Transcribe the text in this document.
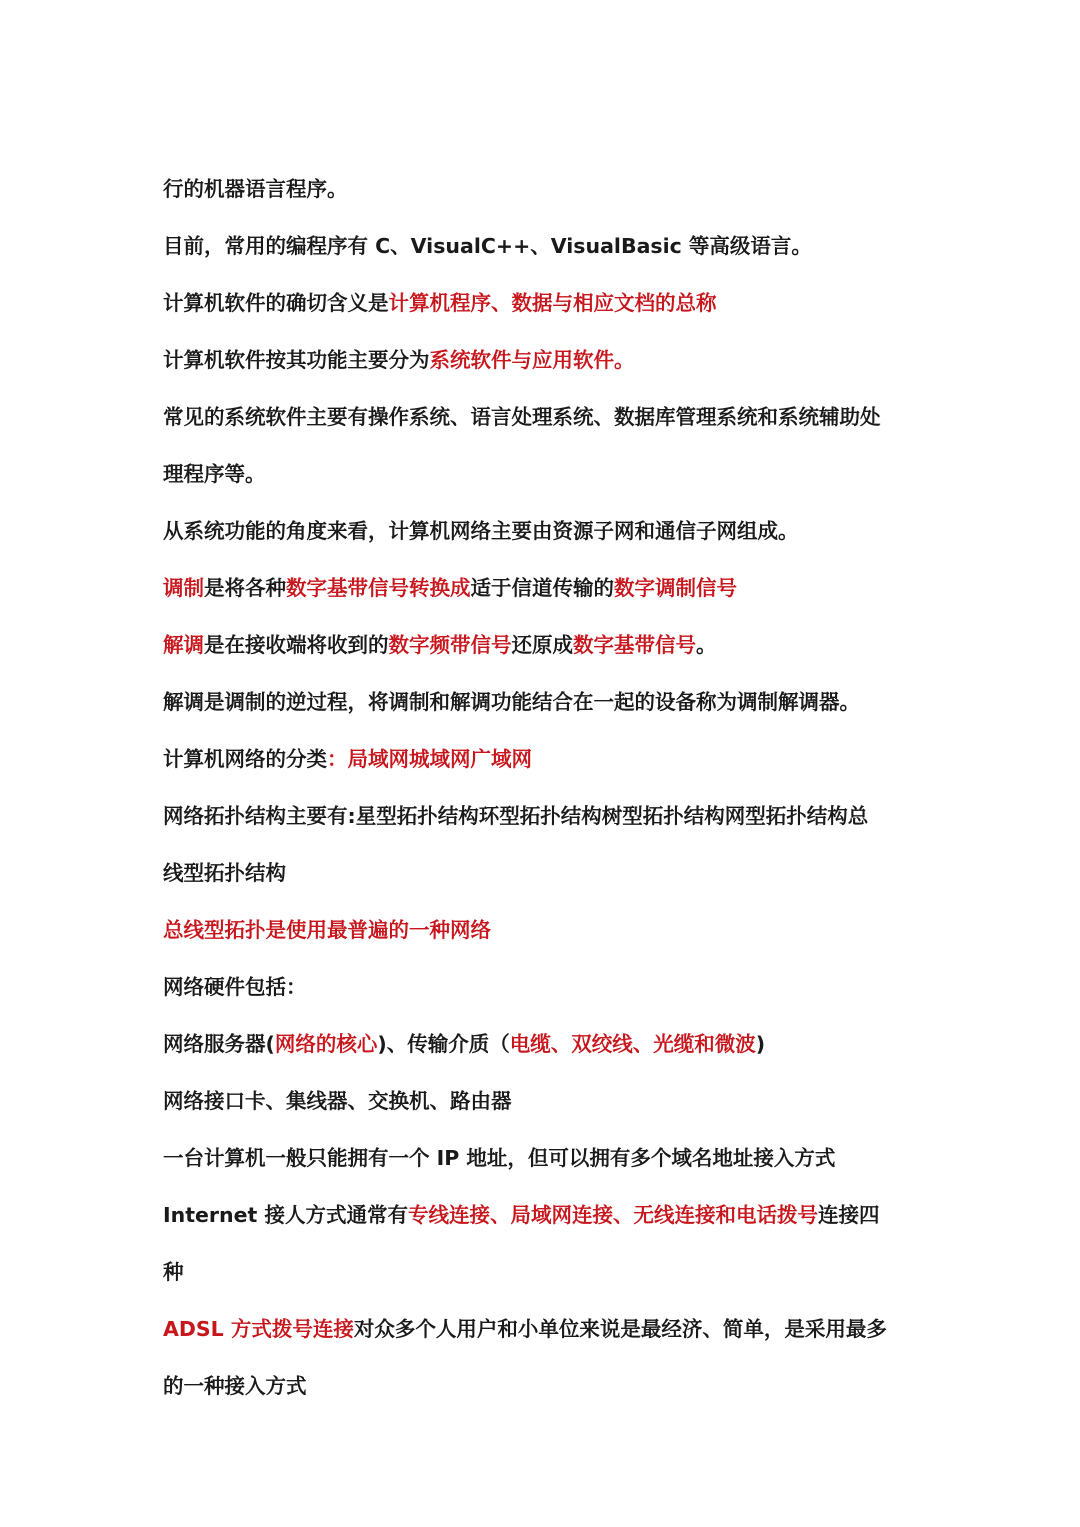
行的机器语言程序。

目前，常用的编程序有 C、VisualC++、VisualBasic 等高级语言。

计算机软件的确切含义是计算机程序、数据与相应文档的总称

计算机软件按其功能主要分为系统软件与应用软件。

常见的系统软件主要有操作系统、语言处理系统、数据库管理系统和系统辅助处

理程序等。

从系统功能的角度来看，计算机网络主要由资源子网和通信子网组成。

调制是将各种数字基带信号转换成适于信道传输的数字调制信号

解调是在接收端将收到的数字频带信号还原成数字基带信号。

解调是调制的逆过程，将调制和解调功能结合在一起的设备称为调制解调器。

计算机网络的分类：局域网城域网广域网

网络拓扑结构主要有:星型拓扑结构环型拓扑结构树型拓扑结构网型拓扑结构总

线型拓扑结构

总线型拓扑是使用最普遍的一种网络

网络硬件包括：

网络服务器(网络的核心)、传输介质（电缆、双绞线、光缆和微波)

网络接口卡、集线器、交换机、路由器

一台计算机一般只能拥有一个 IP 地址，但可以拥有多个域名地址接入方式

Internet 接人方式通常有专线连接、局域网连接、无线连接和电话拨号连接四

种

ADSL 方式拨号连接对众多个人用户和小单位来说是最经济、简单，是采用最多

的一种接入方式
